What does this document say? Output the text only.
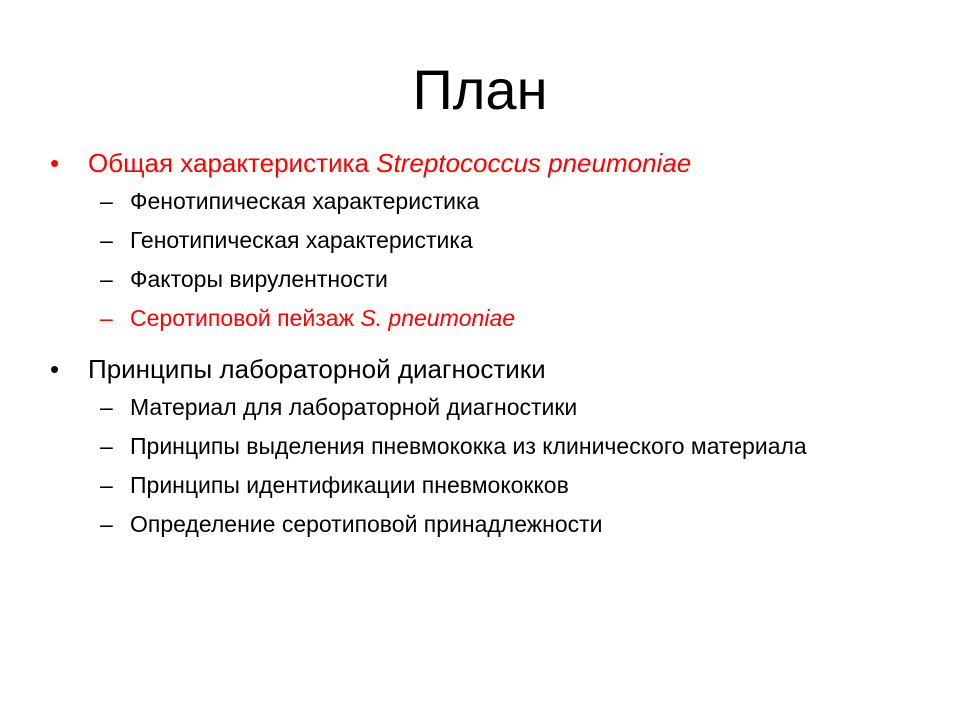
План
•	Общая характеристика Streptococcus pneumoniae
– Фенотипическая характеристика
– Генотипическая характеристика
– Факторы вирулентности
– Серотиповой пейзаж S. pneumoniae
•	Принципы лабораторной диагностики
– Материал для лабораторной диагностики
– Принципы выделения пневмококка из клинического материала
– Принципы идентификации пневмококков
– Определение серотиповой принадлежности
